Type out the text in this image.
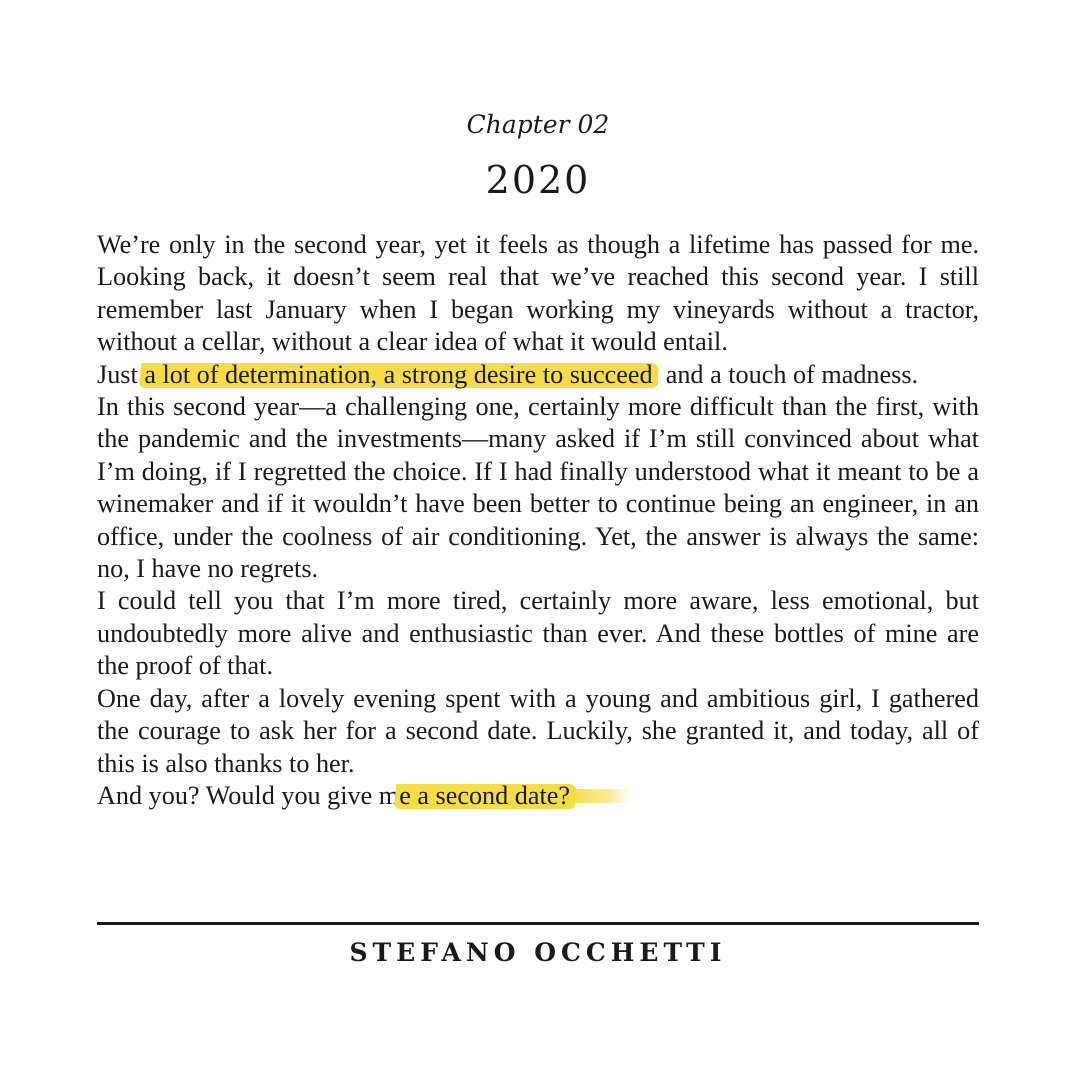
Chapter 02
2020

We’re only in the second year, yet it feels as though a lifetime has passed for me. Looking back, it doesn’t seem real that we’ve reached this second year. I still remember last January when I began working my vineyards without a tractor, without a cellar, without a clear idea of what it would entail.

Just a lot of determination, a strong desire to succeed, and a touch of madness.

In this second year—a challenging one, certainly more difficult than the first, with the pandemic and the investments—many asked if I’m still convinced about what I’m doing, if I regretted the choice. If I had finally understood what it meant to be a winemaker and if it wouldn’t have been better to continue being an engineer, in an office, under the coolness of air conditioning. Yet, the answer is always the same: no, I have no regrets.

I could tell you that I’m more tired, certainly more aware, less emotional, but undoubtedly more alive and enthusiastic than ever. And these bottles of mine are the proof of that.

One day, after a lovely evening spent with a young and ambitious girl, I gathered the courage to ask her for a second date. Luckily, she granted it, and today, all of this is also thanks to her.

And you? Would you give me a second date?

STEFANO OCCHETTI
